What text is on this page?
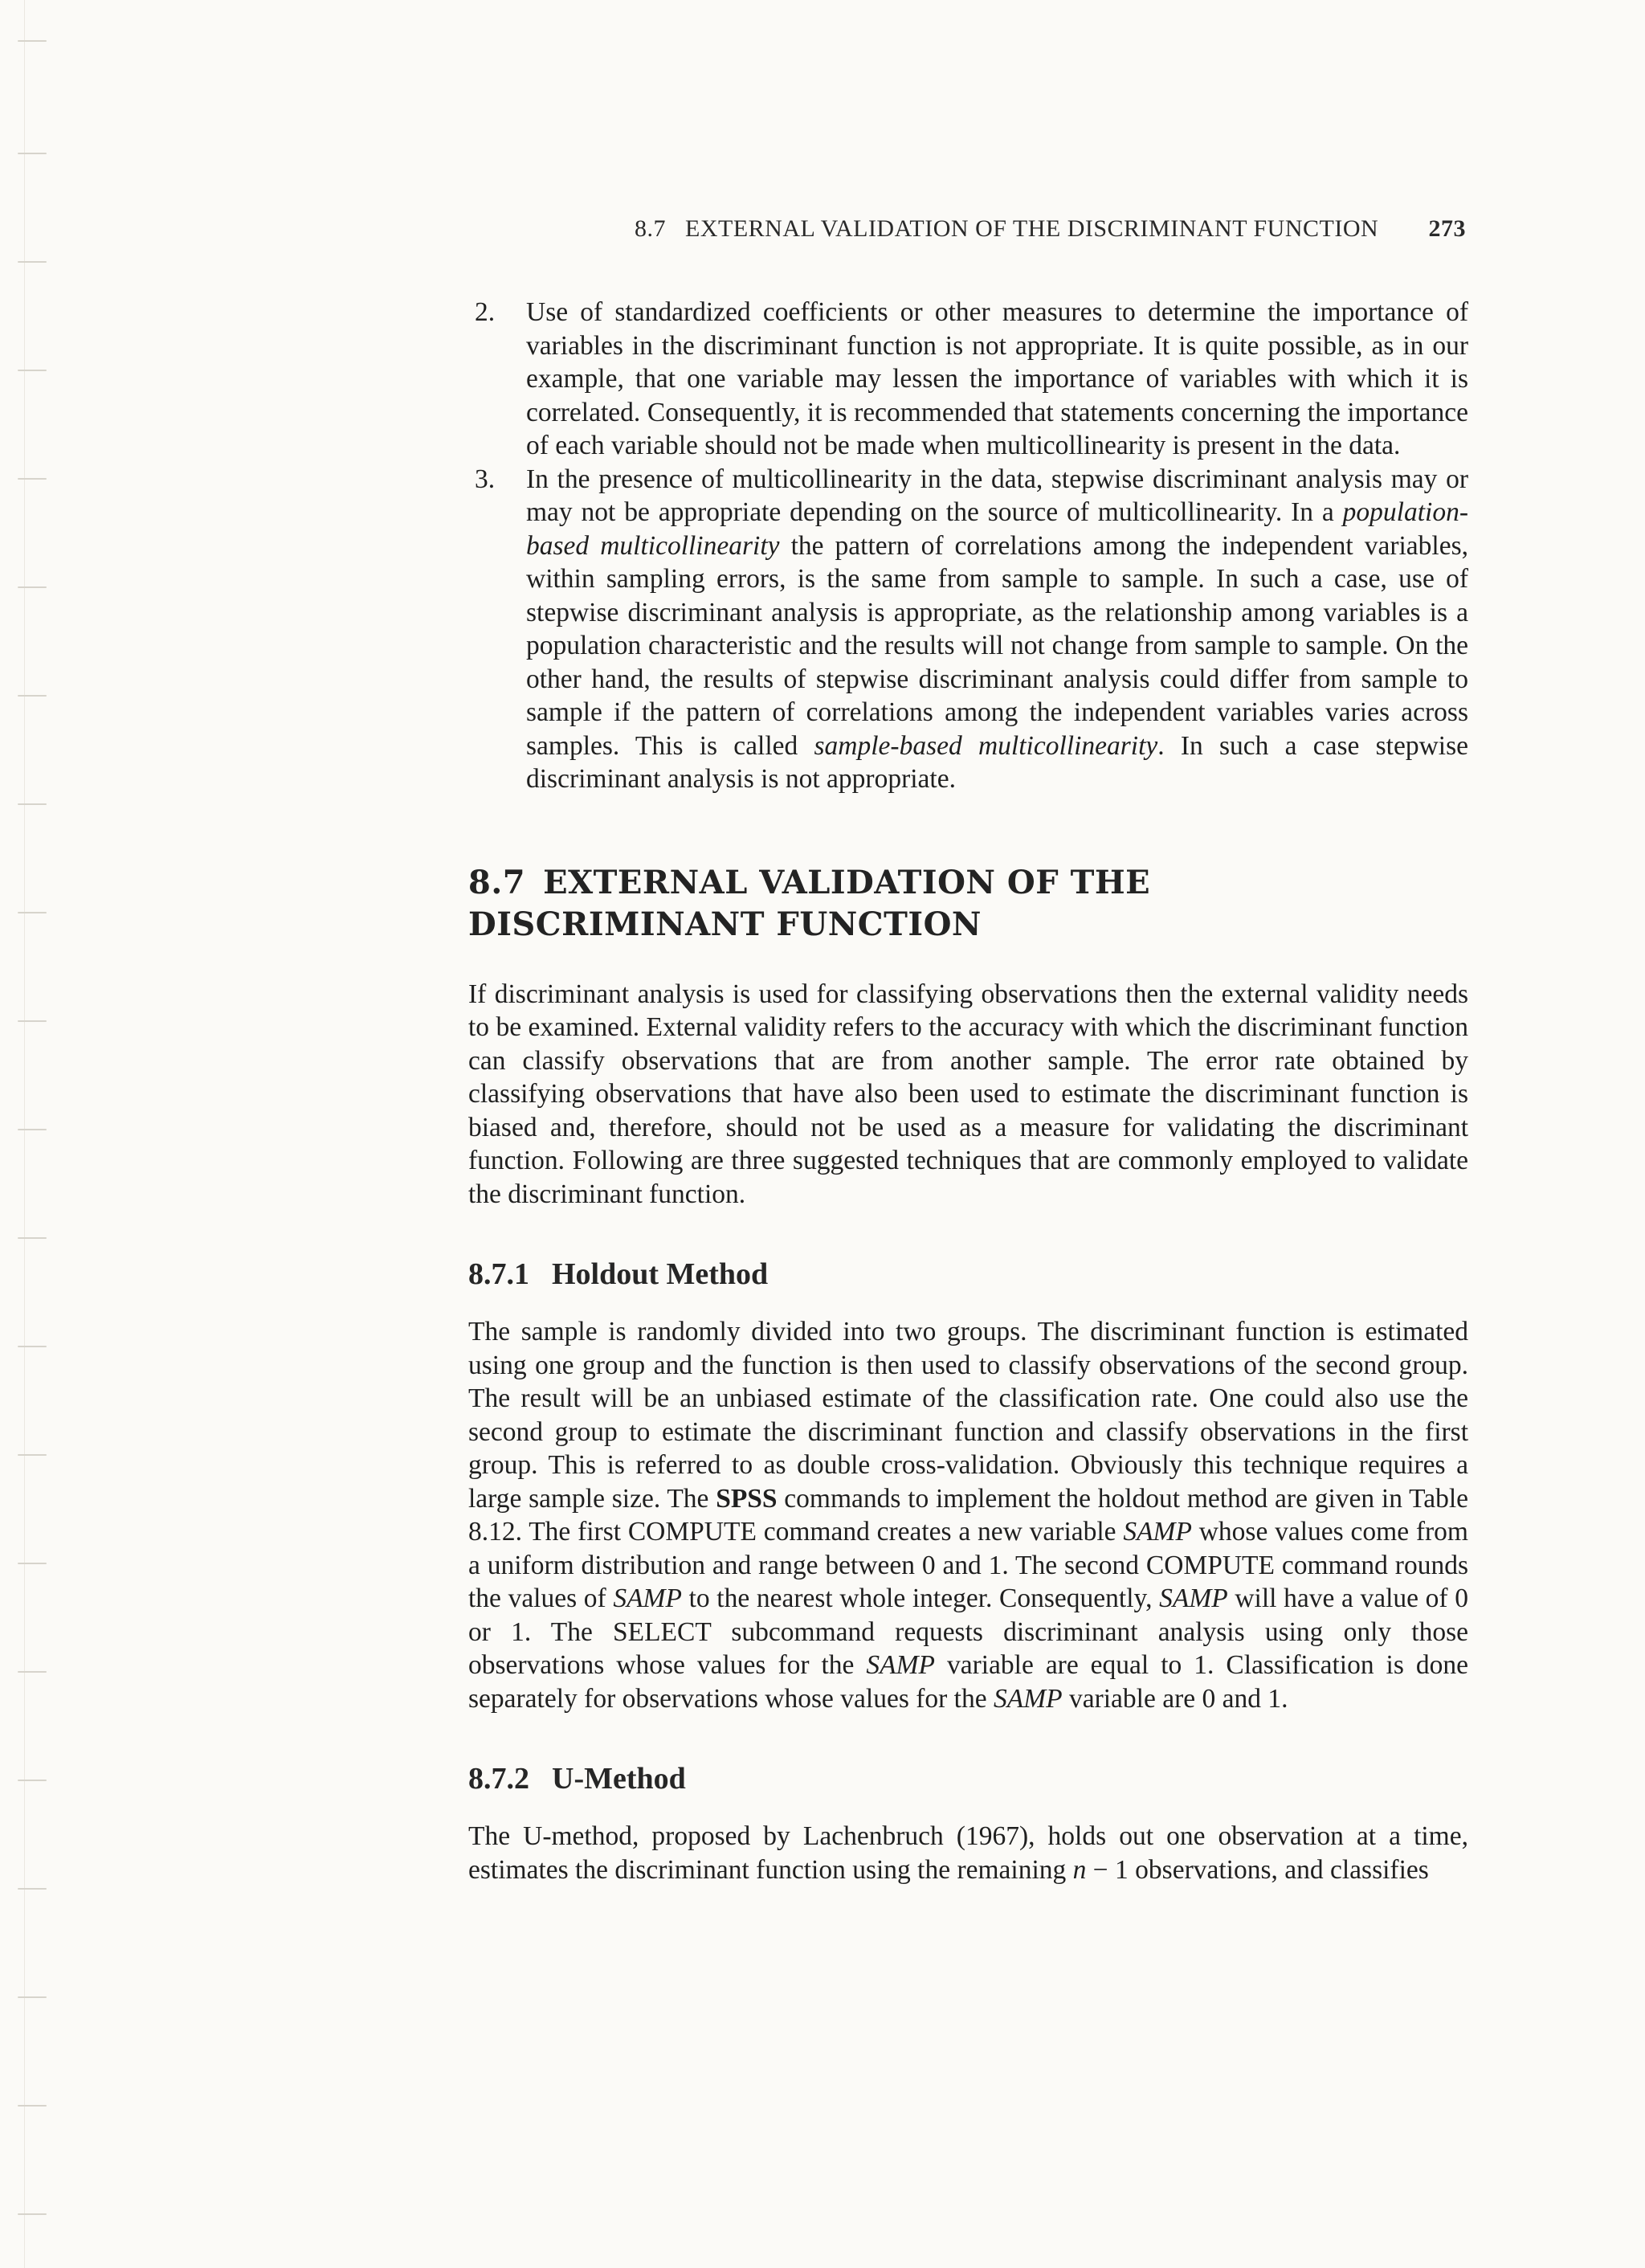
8.7   EXTERNAL VALIDATION OF THE DISCRIMINANT FUNCTION 273
2. Use of standardized coefficients or other measures to determine the importance of variables in the discriminant function is not appropriate. It is quite possible, as in our example, that one variable may lessen the importance of variables with which it is correlated. Consequently, it is recommended that statements concerning the importance of each variable should not be made when multicollinearity is present in the data.

3. In the presence of multicollinearity in the data, stepwise discriminant analysis may or may not be appropriate depending on the source of multicollinearity. In a population-based multicollinearity the pattern of correlations among the independent variables, within sampling errors, is the same from sample to sample. In such a case, use of stepwise discriminant analysis is appropriate, as the relationship among variables is a population characteristic and the results will not change from sample to sample. On the other hand, the results of stepwise discriminant analysis could differ from sample to sample if the pattern of correlations among the independent variables varies across samples. This is called sample-based multicollinearity. In such a case stepwise discriminant analysis is not appropriate.

8.7 EXTERNAL VALIDATION OF THE
DISCRIMINANT FUNCTION

If discriminant analysis is used for classifying observations then the external validity needs to be examined. External validity refers to the accuracy with which the discriminant function can classify observations that are from another sample. The error rate obtained by classifying observations that have also been used to estimate the discriminant function is biased and, therefore, should not be used as a measure for validating the discriminant function. Following are three suggested techniques that are commonly employed to validate the discriminant function.

8.7.1 Holdout Method

The sample is randomly divided into two groups. The discriminant function is estimated using one group and the function is then used to classify observations of the second group. The result will be an unbiased estimate of the classification rate. One could also use the second group to estimate the discriminant function and classify observations in the first group. This is referred to as double cross-validation. Obviously this technique requires a large sample size. The SPSS commands to implement the holdout method are given in Table 8.12. The first COMPUTE command creates a new variable SAMP whose values come from a uniform distribution and range between 0 and 1. The second COMPUTE command rounds the values of SAMP to the nearest whole integer. Consequently, SAMP will have a value of 0 or 1. The SELECT subcommand requests discriminant analysis using only those observations whose values for the SAMP variable are equal to 1. Classification is done separately for observations whose values for the SAMP variable are 0 and 1.

8.7.2 U-Method

The U-method, proposed by Lachenbruch (1967), holds out one observation at a time, estimates the discriminant function using the remaining n − 1 observations, and classifies
